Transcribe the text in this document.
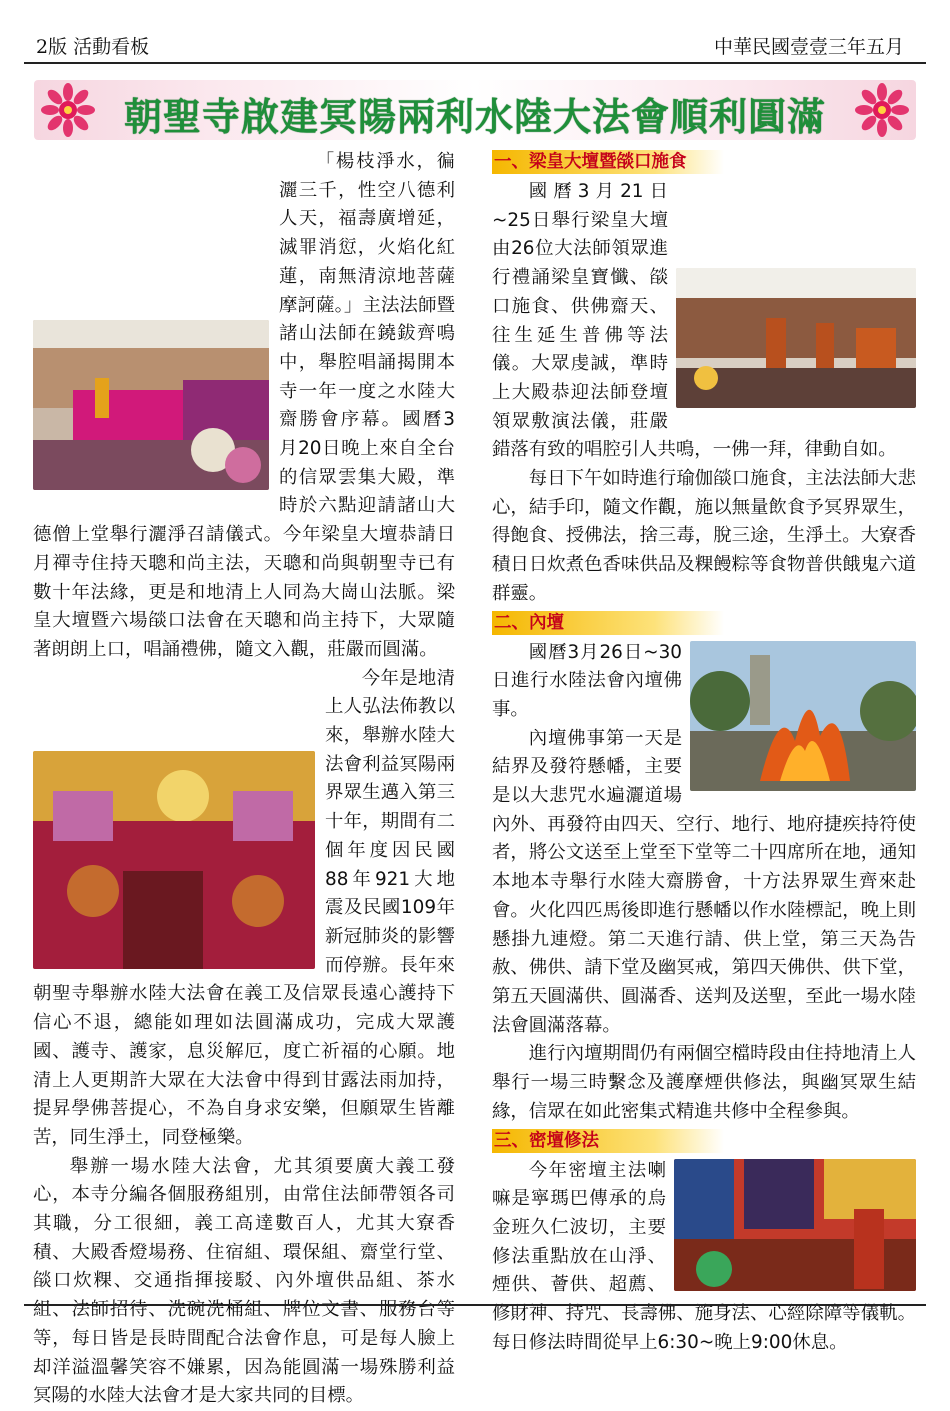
2版 活動看板	中華民國壹壹三年五月
朝聖寺啟建冥陽兩利水陸大法會順利圓滿

「楊枝淨水，徧灑三千，性空八德利人天，福壽廣增延，滅罪消愆，火焰化紅蓮，南無清涼地菩薩摩訶薩。」主法法師暨諸山法師在鐃鈸齊鳴中，舉腔唱誦揭開本寺一年一度之水陸大齋勝會序幕。國曆3月20日晚上來自全台的信眾雲集大殿，準時於六點迎請諸山大德僧上堂舉行灑淨召請儀式。今年梁皇大壇恭請日月禪寺住持天聰和尚主法，天聰和尚與朝聖寺已有數十年法緣，更是和地清上人同為大崗山法脈。梁皇大壇暨六場燄口法會在天聰和尚主持下，大眾隨著朗朗上口，唱誦禮佛，隨文入觀，莊嚴而圓滿。

今年是地清上人弘法佈教以來，舉辦水陸大法會利益冥陽兩界眾生邁入第三十年，期間有二個年度因民國88年921大地震及民國109年新冠肺炎的影響而停辦。長年來朝聖寺舉辦水陸大法會在義工及信眾長遠心護持下信心不退，總能如理如法圓滿成功，完成大眾護國、護寺、護家，息災解厄，度亡祈福的心願。地清上人更期許大眾在大法會中得到甘露法雨加持，提昇學佛菩提心，不為自身求安樂，但願眾生皆離苦，同生淨土，同登極樂。

舉辦一場水陸大法會，尤其須要廣大義工發心，本寺分編各個服務組別，由常住法師帶領各司其職，分工很細，義工高達數百人，尤其大寮香積、大殿香燈場務、住宿組、環保組、齋堂行堂、燄口炊粿、交通指揮接駁、內外壇供品組、茶水組、法師招待、洗碗洗桶組、牌位文書、服務台等等，每日皆是長時間配合法會作息，可是每人臉上却洋溢溫馨笑容不嫌累，因為能圓滿一場殊勝利益冥陽的水陸大法會才是大家共同的目標。

一、梁皇大壇暨燄口施食

國曆3月21日~25日舉行梁皇大壇由26位大法師領眾進行禮誦梁皇寶懺、燄口施食、供佛齋天、往生延生普佛等法儀。大眾虔誠，準時上大殿恭迎法師登壇領眾敷演法儀，莊嚴錯落有致的唱腔引人共鳴，一佛一拜，律動自如。

每日下午如時進行瑜伽燄口施食，主法法師大悲心，結手印，隨文作觀，施以無量飲食予冥界眾生，得飽食、授佛法，捨三毒，脫三途，生淨土。大寮香積日日炊煮色香味供品及粿饅粽等食物普供餓鬼六道群靈。

二、內壇

國曆3月26日~30日進行水陸法會內壇佛事。

內壇佛事第一天是結界及發符懸幡，主要是以大悲咒水遍灑道場內外、再發符由四天、空行、地行、地府捷疾持符使者，將公文送至上堂至下堂等二十四席所在地，通知本地本寺舉行水陸大齋勝會，十方法界眾生齊來赴會。火化四匹馬後即進行懸幡以作水陸標記，晚上則懸掛九連燈。第二天進行請、供上堂，第三天為告赦、佛供、請下堂及幽冥戒，第四天佛供、供下堂，第五天圓滿供、圓滿香、送判及送聖，至此一場水陸法會圓滿落幕。

進行內壇期間仍有兩個空檔時段由住持地清上人舉行一場三時繫念及護摩煙供修法，與幽冥眾生結緣，信眾在如此密集式精進共修中全程參與。

三、密壇修法

今年密壇主法喇嘛是寧瑪巴傳承的烏金班久仁波切，主要修法重點放在山淨、煙供、薈供、超薦、修財神、持咒、長壽佛、施身法、心經除障等儀軌。每日修法時間從早上6:30~晚上9:00休息。
